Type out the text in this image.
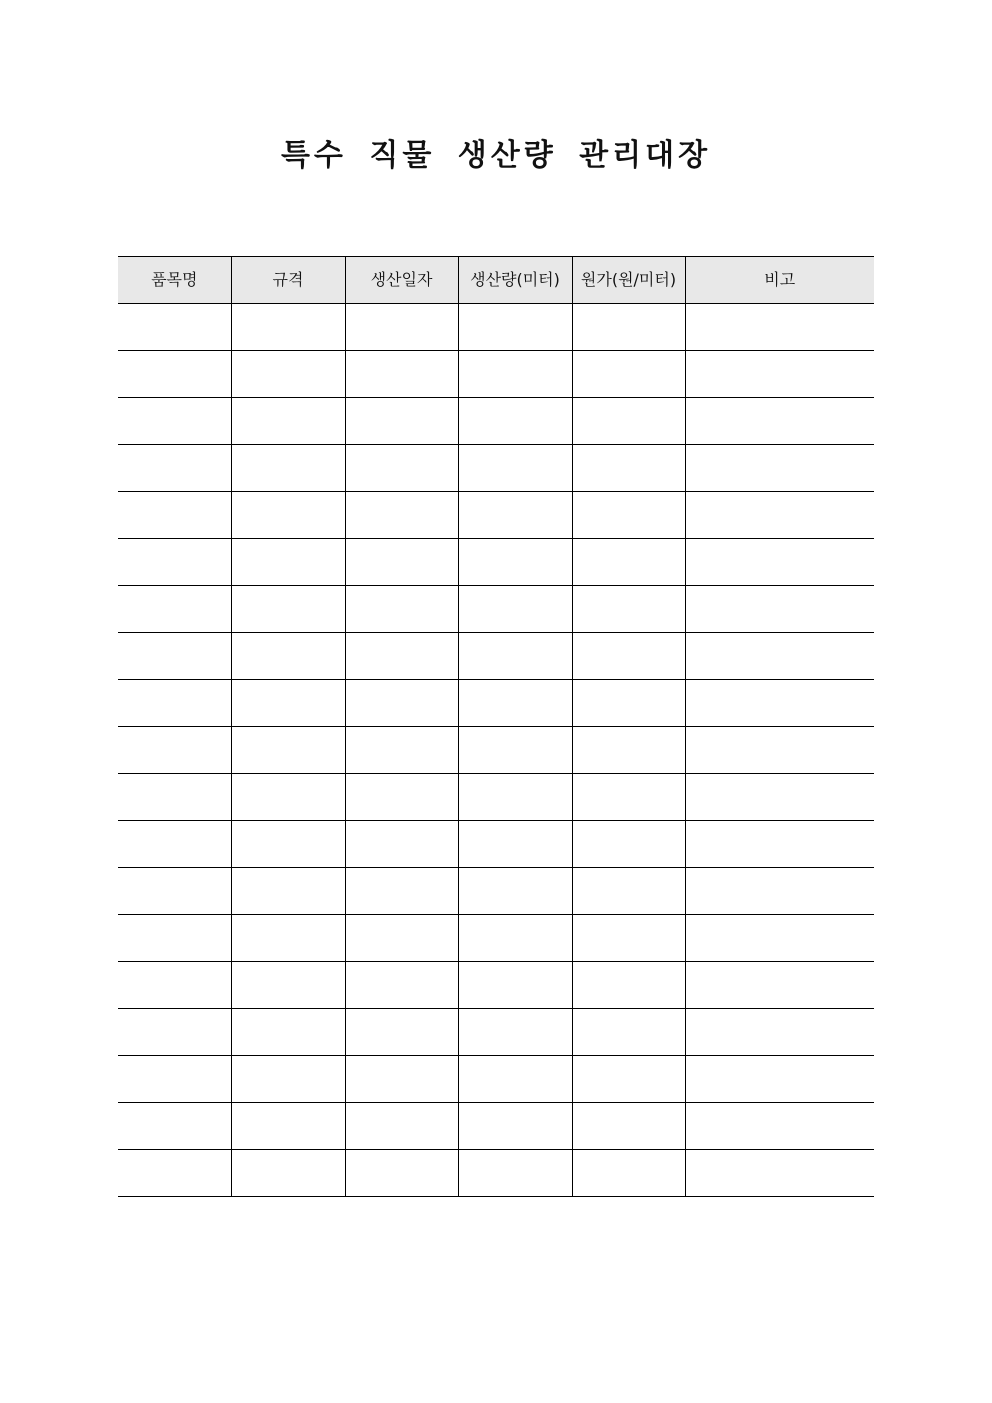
특수 직물 생산량 관리대장
품목명	규격	생산일자	생산량(미터)	원가(원/미터)	비고
